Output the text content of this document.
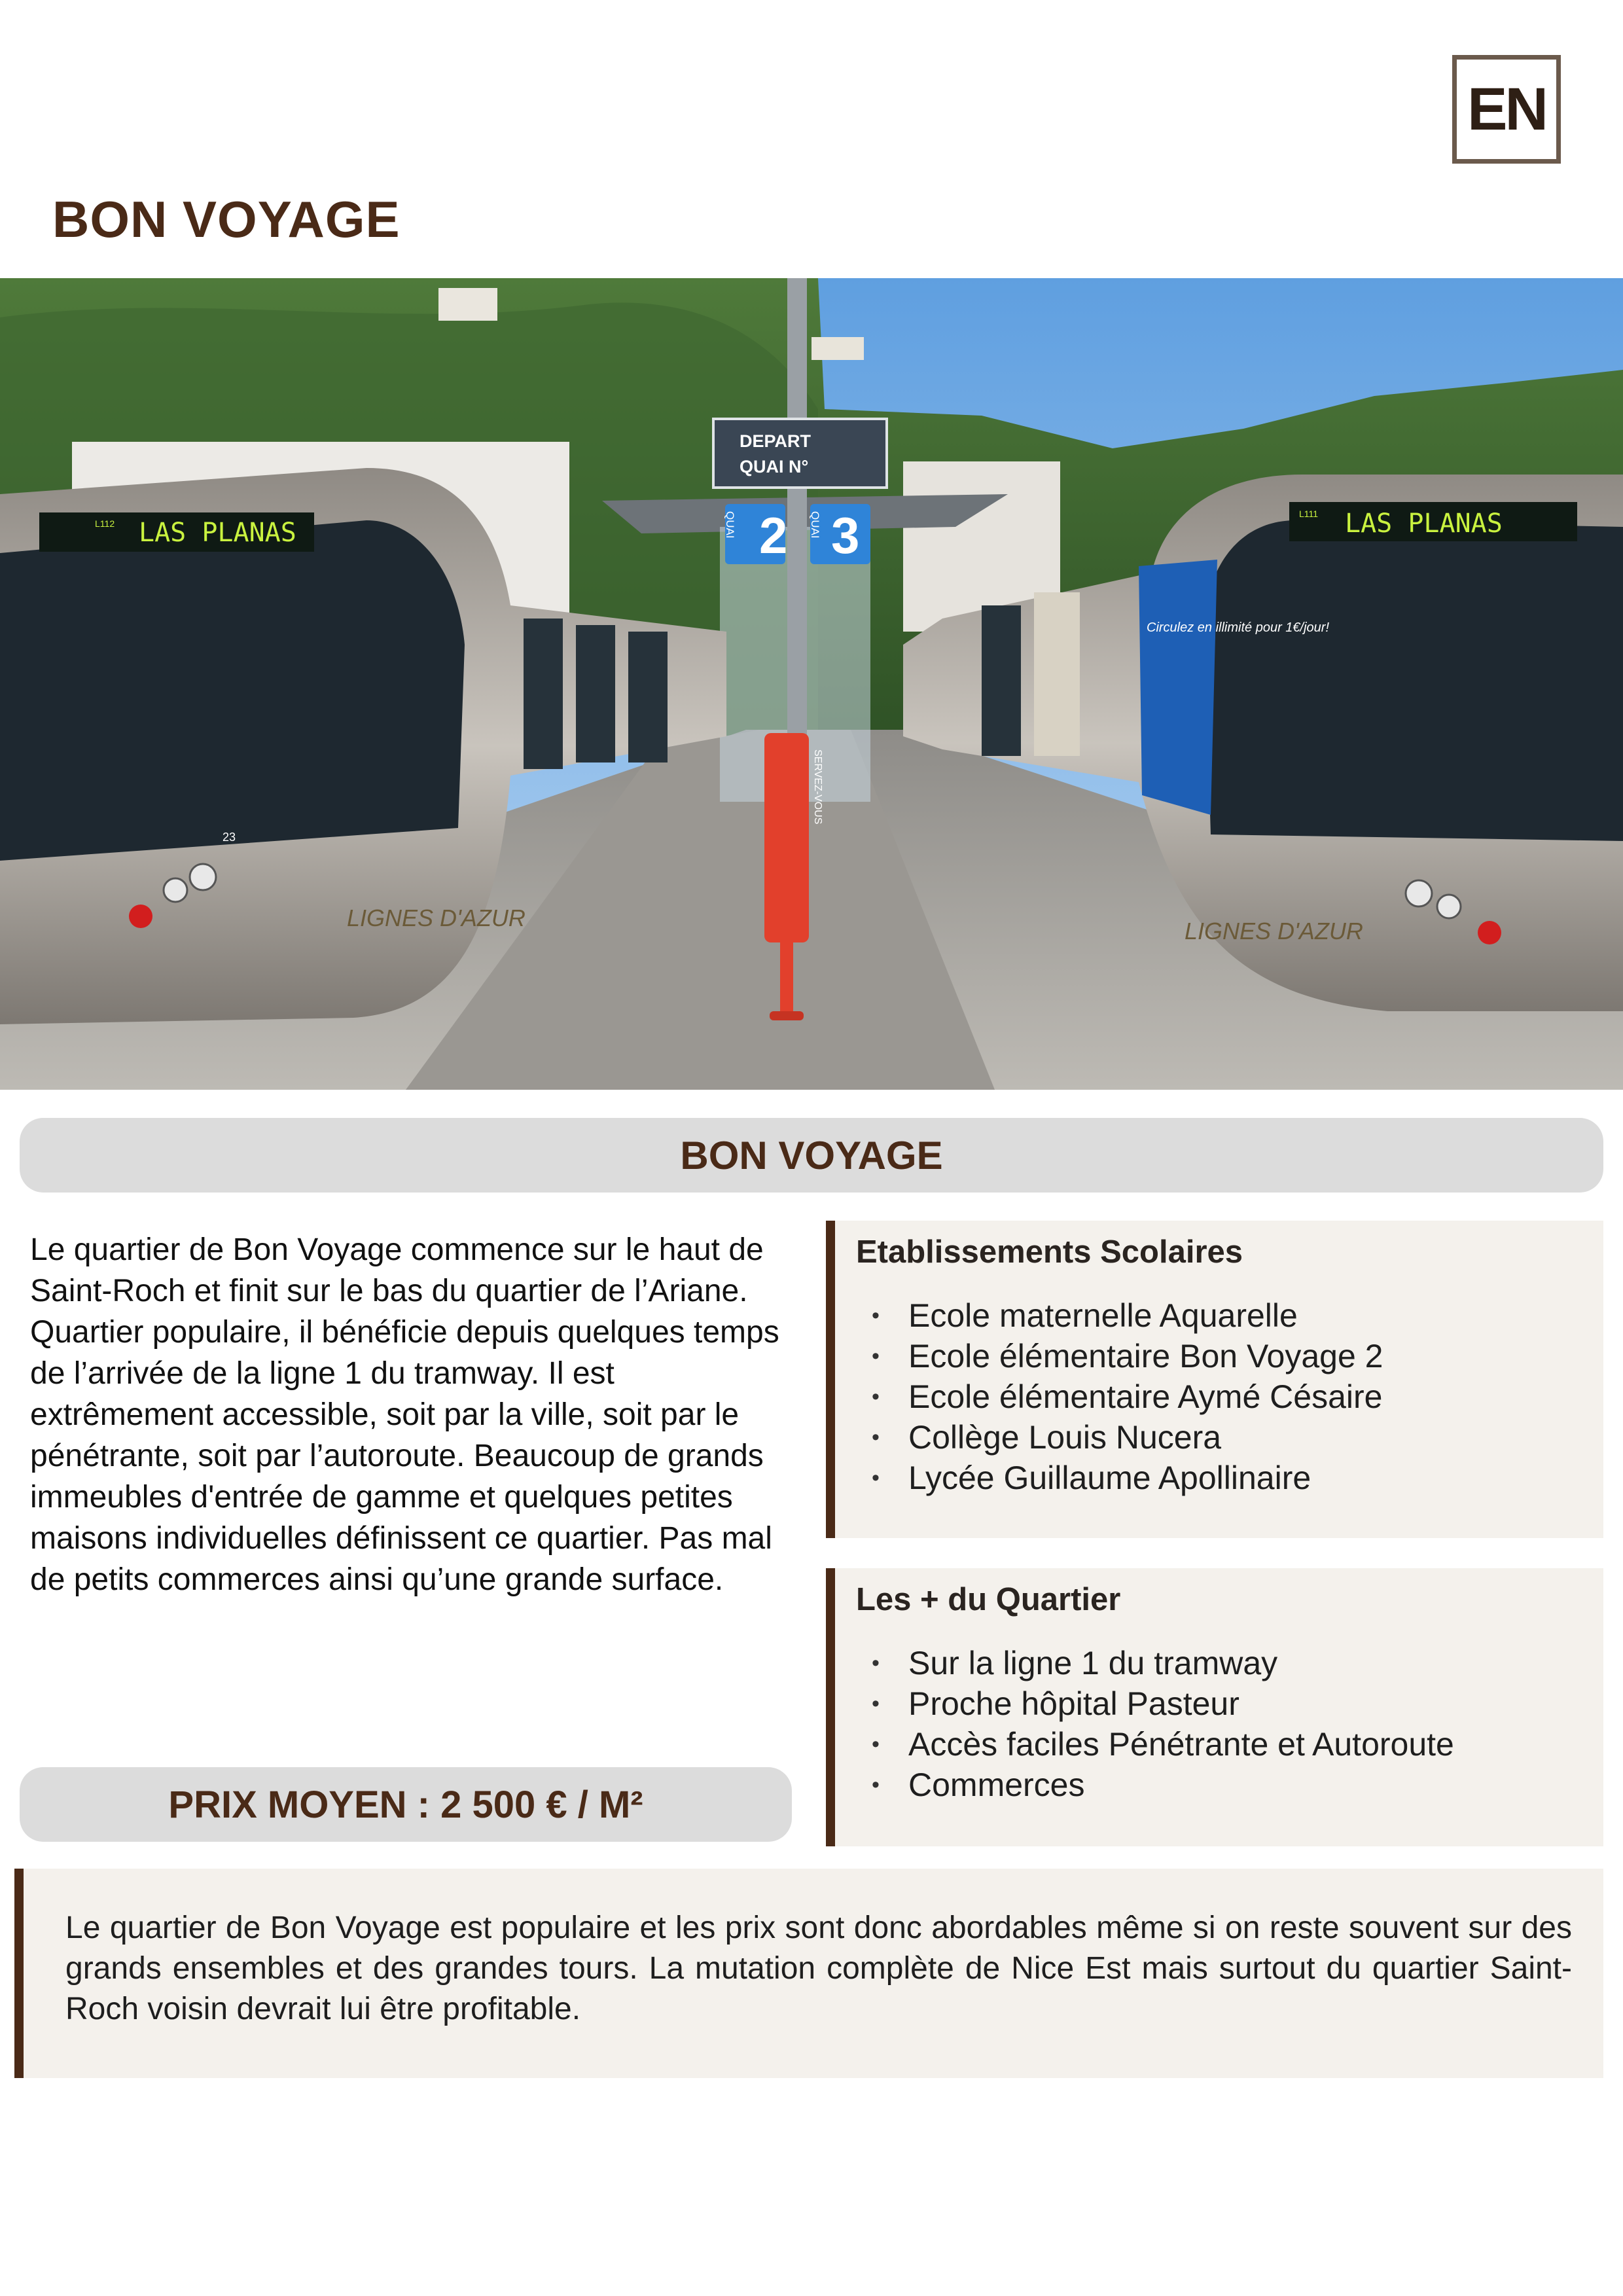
EN
BON VOYAGE
DEPART
QUAI N°
2 3
QUAI	QUAI
L112 LAS PLANAS
23
LIGNES D'AZUR
L111 LAS PLANAS
Circulez en illimité pour 1€/jour!
LIGNES D'AZUR
SERVEZ-VOUS
BON VOYAGE

Le quartier de Bon Voyage commence sur le haut de Saint-Roch et finit sur le bas du quartier de l’Ariane. Quartier populaire, il bénéficie depuis quelques temps de l’arrivée de la ligne 1 du tramway. Il est extrêmement accessible, soit par la ville, soit par le pénétrante, soit par l’autoroute. Beaucoup de grands immeubles d'entrée de gamme et quelques petites maisons individuelles définissent ce quartier. Pas mal de petits commerces ainsi qu’une grande surface.

PRIX MOYEN : 2 500 € / M²
Etablissements Scolaires
• Ecole maternelle Aquarelle
• Ecole élémentaire Bon Voyage 2
• Ecole élémentaire Aymé Césaire
• Collège Louis Nucera
• Lycée Guillaume Apollinaire
Les + du Quartier
• Sur la ligne 1 du tramway
• Proche hôpital Pasteur
• Accès faciles Pénétrante et Autoroute
• Commerces

Le quartier de Bon Voyage est populaire et les prix sont donc abordables même si on reste souvent sur des grands ensembles et des grandes tours. La mutation complète de Nice Est mais surtout du quartier Saint-Roch voisin devrait lui être profitable.
